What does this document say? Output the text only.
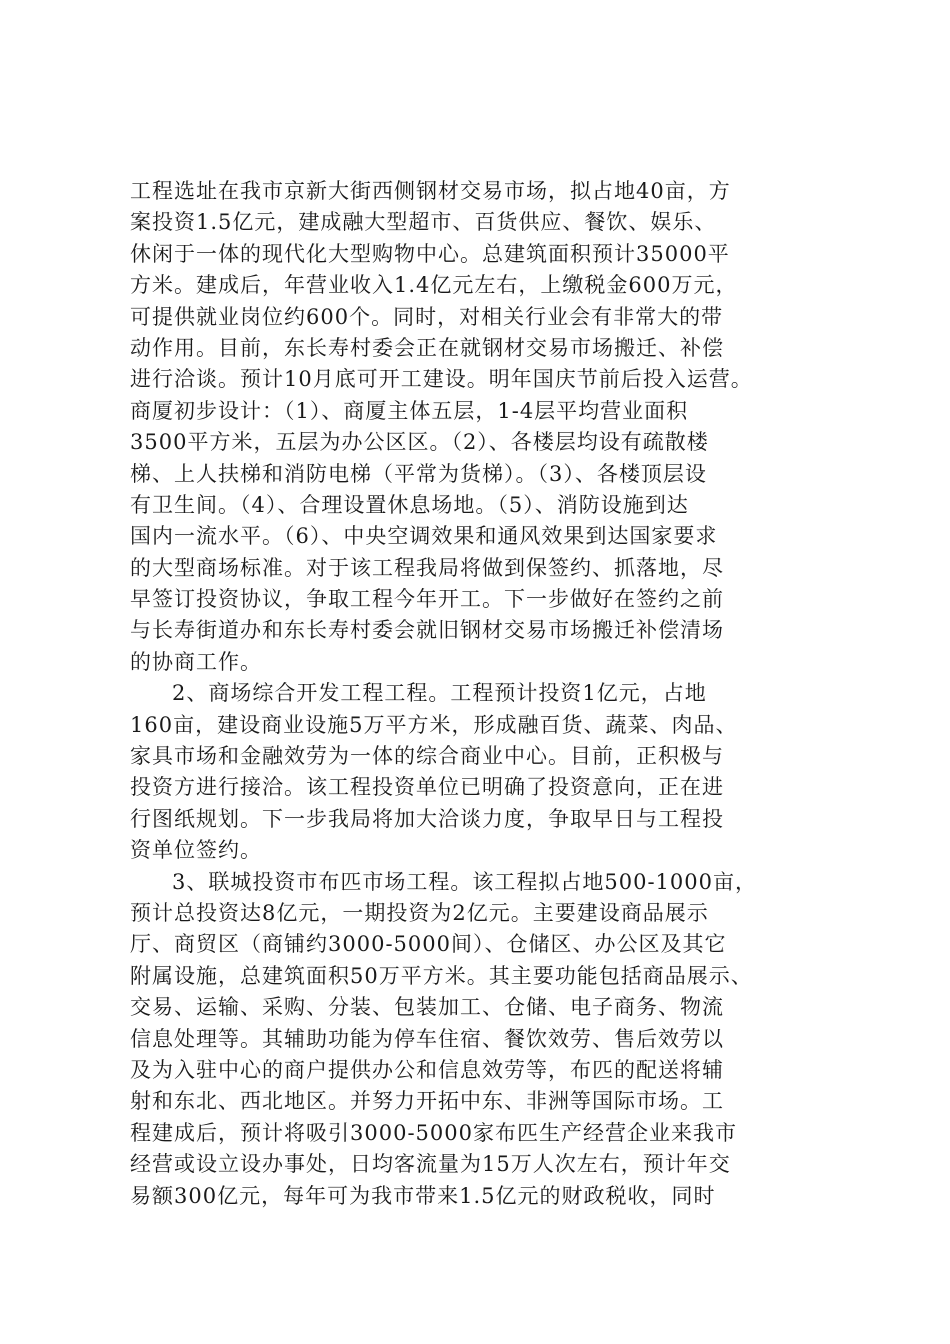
工程选址在我市京新大街西侧钢材交易市场，拟占地40亩，方
案投资1.5亿元，建成融大型超市、百货供应、餐饮、娱乐、
休闲于一体的现代化大型购物中心。总建筑面积预计35000平
方米。建成后，年营业收入1.4亿元左右，上缴税金600万元，
可提供就业岗位约600个。同时，对相关行业会有非常大的带
动作用。目前，东长寿村委会正在就钢材交易市场搬迁、补偿
进行洽谈。预计10月底可开工建设。明年国庆节前后投入运营。
商厦初步设计：（1）、商厦主体五层，1-4层平均营业面积
3500平方米，五层为办公区区。（2）、各楼层均设有疏散楼
梯、上人扶梯和消防电梯（平常为货梯）。（3）、各楼顶层设
有卫生间。（4）、合理设置休息场地。（5）、消防设施到达
国内一流水平。（6）、中央空调效果和通风效果到达国家要求
的大型商场标准。对于该工程我局将做到保签约、抓落地，尽
早签订投资协议，争取工程今年开工。下一步做好在签约之前
与长寿街道办和东长寿村委会就旧钢材交易市场搬迁补偿清场
的协商工作。
2、商场综合开发工程工程。工程预计投资1亿元，占地
160亩，建设商业设施5万平方米，形成融百货、蔬菜、肉品、
家具市场和金融效劳为一体的综合商业中心。目前，正积极与
投资方进行接洽。该工程投资单位已明确了投资意向，正在进
行图纸规划。下一步我局将加大洽谈力度，争取早日与工程投
资单位签约。
3、联城投资市布匹市场工程。该工程拟占地500-1000亩，
预计总投资达8亿元，一期投资为2亿元。主要建设商品展示
厅、商贸区（商铺约3000-5000间）、仓储区、办公区及其它
附属设施，总建筑面积50万平方米。其主要功能包括商品展示、
交易、运输、采购、分装、包装加工、仓储、电子商务、物流
信息处理等。其辅助功能为停车住宿、餐饮效劳、售后效劳以
及为入驻中心的商户提供办公和信息效劳等，布匹的配送将辅
射和东北、西北地区。并努力开拓中东、非洲等国际市场。工
程建成后，预计将吸引3000-5000家布匹生产经营企业来我市
经营或设立设办事处，日均客流量为15万人次左右，预计年交
易额300亿元，每年可为我市带来1.5亿元的财政税收，同时
